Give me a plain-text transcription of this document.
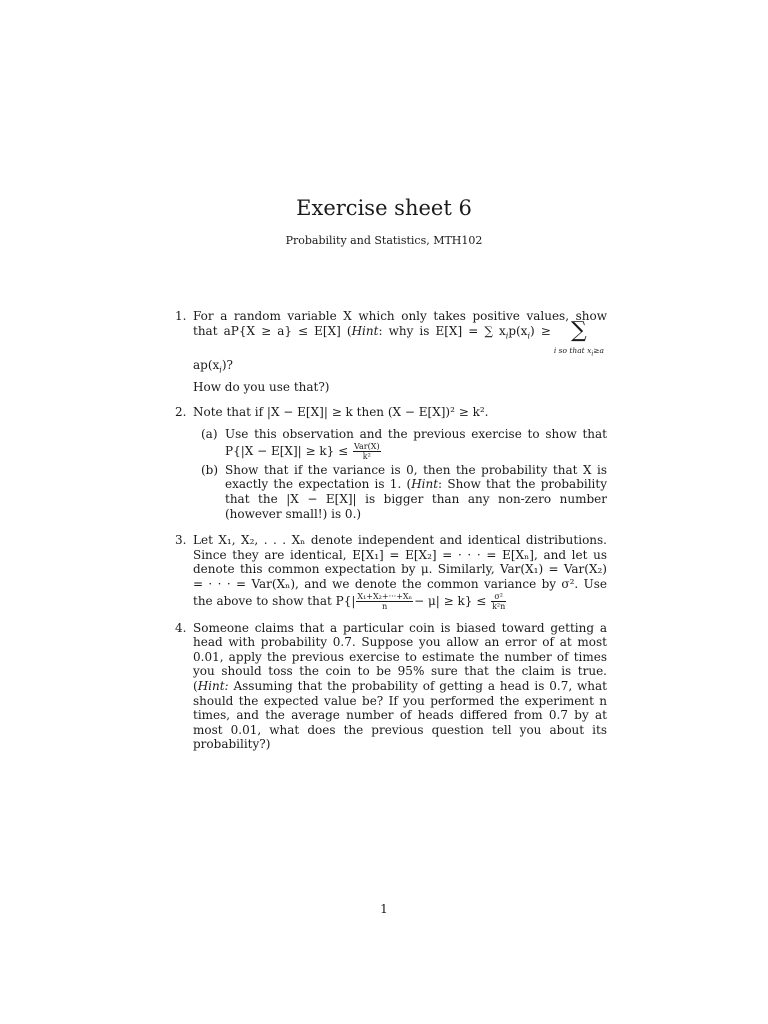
Exercise sheet 6
Probability and Statistics, MTH102
1. For a random variable X which only takes positive values, show that aP{X ≥ a} ≤ E[X] (Hint: why is E[X] = ∑ $x_ip(x_i)$ ≥ ∑
i so that $x_i\ge a$
$ap(x_i)$?
How do you use that?)
2. Note that if |X − E[X]| ≥ k then (X − E[X])² ≥ k².
(a) Use this observation and the previous exercise to show that $P\{|X - E[X]| \ge k\} \le \frac{\text{Var(X)}}{\text{k²}}$
(b) Show that if the variance is 0, then the probability that X is exactly the expectation is 1. (Hint: Show that the probability that the |X − E[X]| is bigger than any non-zero number (however small!) is 0.)
3. Let X₁, X₂, . . . Xₙ denote independent and identical distributions. Since they are identical, E[X₁] = E[X₂] = · · · = E[Xₙ], and let us denote this common expectation by μ. Similarly, Var(X₁) = Var(X₂) = · · · = Var(Xₙ), and we denote the common variance by σ². Use the above to show that $P\{| \frac{\text{X₁+X₂+···+Xₙ}}{n} - \mu| \ge k\} \le \frac{\text{σ²}}{\text{k²n}}$
4. Someone claims that a particular coin is biased toward getting a head with probability 0.7. Suppose you allow an error of at most 0.01, apply the previous exercise to estimate the number of times you should toss the coin to be 95% sure that the claim is true. (Hint: Assuming that the probability of getting a head is 0.7, what should the expected value be? If you performed the experiment n times, and the average number of heads differed from 0.7 by at most 0.01, what does the previous question tell you about its probability?)
1
